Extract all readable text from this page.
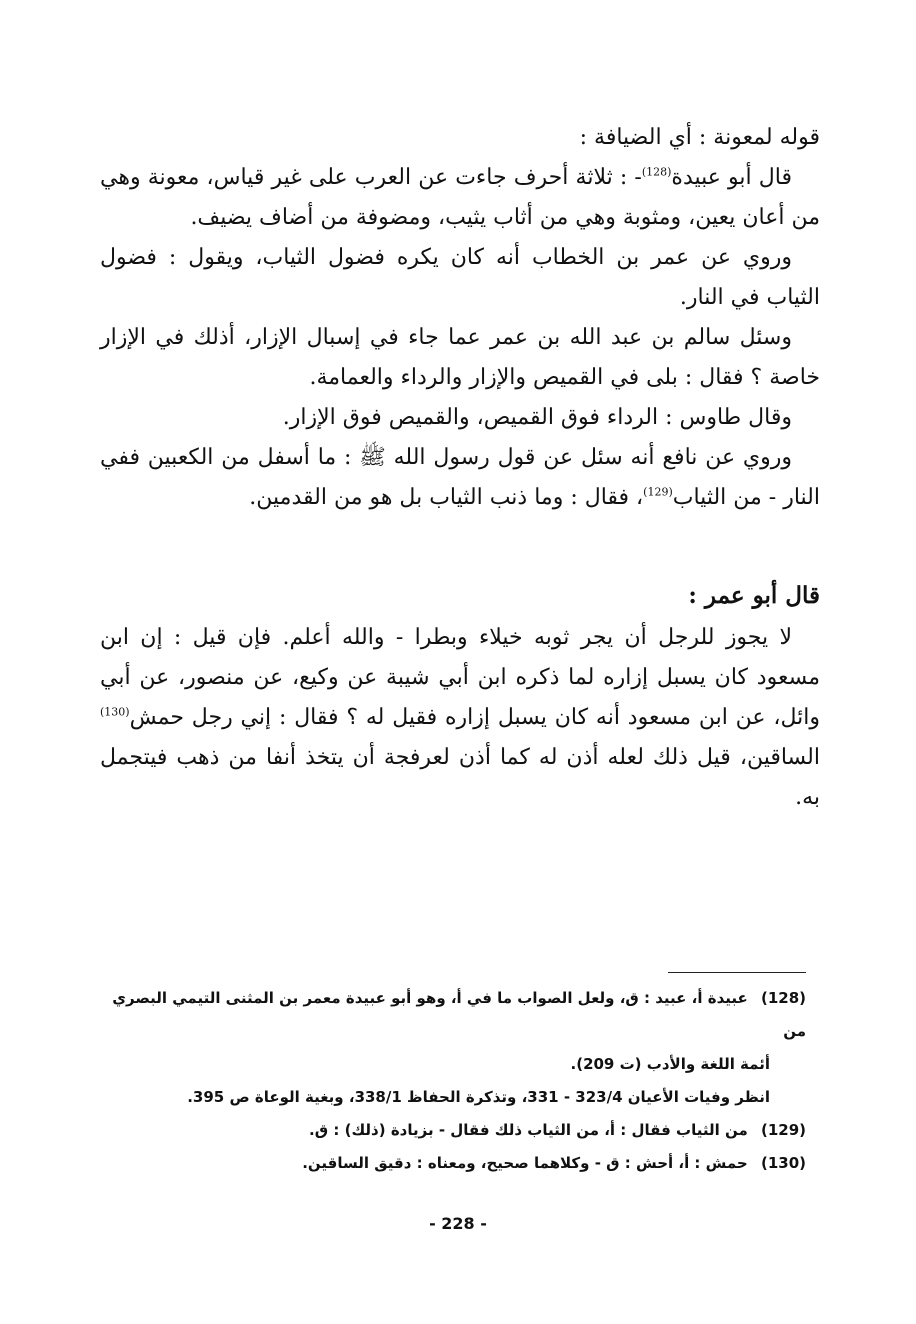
قوله لمعونة : أي الضيافة :

قال أبو عبيدة$^{(128)}$- : ثلاثة أحرف جاءت عن العرب على غير قياس، معونة وهي من أعان يعين، ومثوبة وهي من أثاب يثيب، ومضوفة من أضاف يضيف.

وروي عن عمر بن الخطاب أنه كان يكره فضول الثياب، ويقول : فضول الثياب في النار.

وسئل سالم بن عبد الله بن عمر عما جاء في إسبال الإزار، أذلك في الإزار خاصة ؟ فقال : بلى في القميص والإزار والرداء والعمامة.

وقال طاوس : الرداء فوق القميص، والقميص فوق الإزار.

وروي عن نافع أنه سئل عن قول رسول الله ﷺ : ما أسفل من الكعبين ففي النار - من الثياب$^{(129)}$، فقال : وما ذنب الثياب بل هو من القدمين.

قال أبو عمر :

لا يجوز للرجل أن يجر ثوبه خيلاء وبطرا - والله أعلم. فإن قيل : إن ابن مسعود كان يسبل إزاره لما ذكره ابن أبي شيبة عن وكيع، عن منصور، عن أبي وائل، عن ابن مسعود أنه كان يسبل إزاره فقيل له ؟ فقال : إني رجل حمش$^{(130)}$ الساقين، قيل ذلك لعله أذن له كما أذن لعرفجة أن يتخذ أنفا من ذهب فيتجمل به.

(128) عبيدة أ، عبيد : ق، ولعل الصواب ما في أ، وهو أبو عبيدة معمر بن المثنى التيمي البصري من

أئمة اللغة والأدب (ت 209).

انظر وفيات الأعيان 323/4 - 331، وتذكرة الحفاظ 338/1، وبغية الوعاة ص 395.

(129) من الثياب فقال : أ، من الثياب ذلك فقال - بزيادة (ذلك) : ق.

(130) حمش : أ، أحش : ق - وكلاهما صحيح، ومعناه : دقيق الساقين.

- 228 -
